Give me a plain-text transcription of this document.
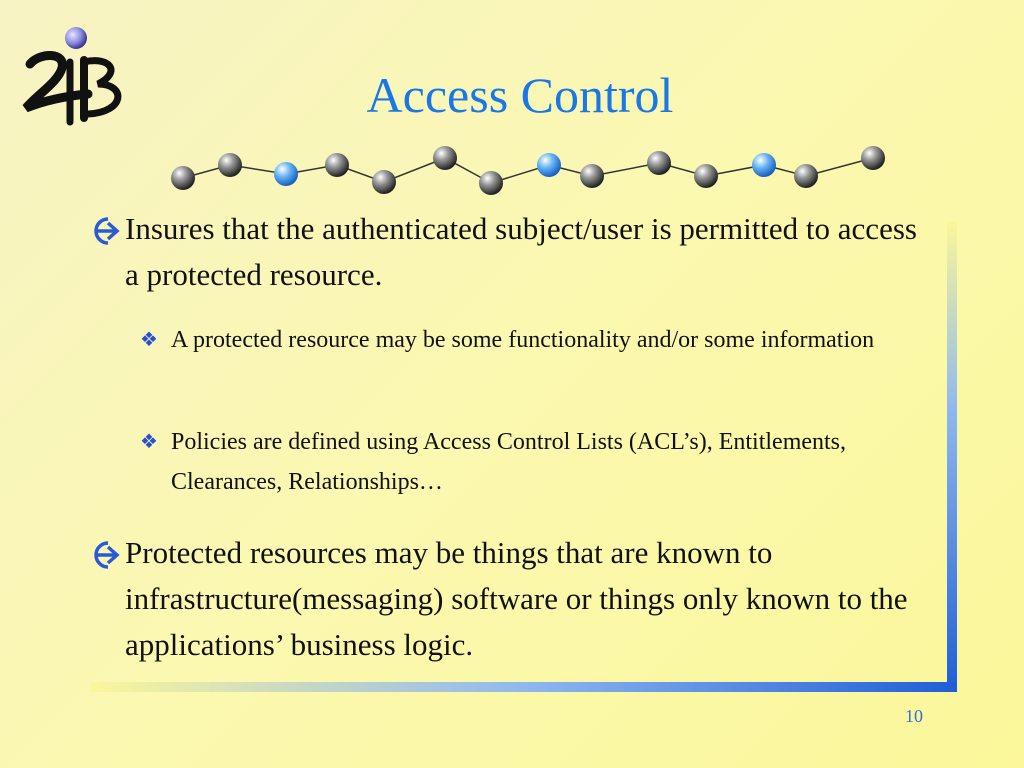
Access Control
Insures that the authenticated subject/user is permitted to access a protected resource.
❖ A protected resource may be some functionality and/or some information
❖ Policies are defined using Access Control Lists (ACL’s), Entitlements, Clearances, Relationships…
Protected resources may be things that are known to infrastructure(messaging) software or things only known to the applications’ business logic.
10
